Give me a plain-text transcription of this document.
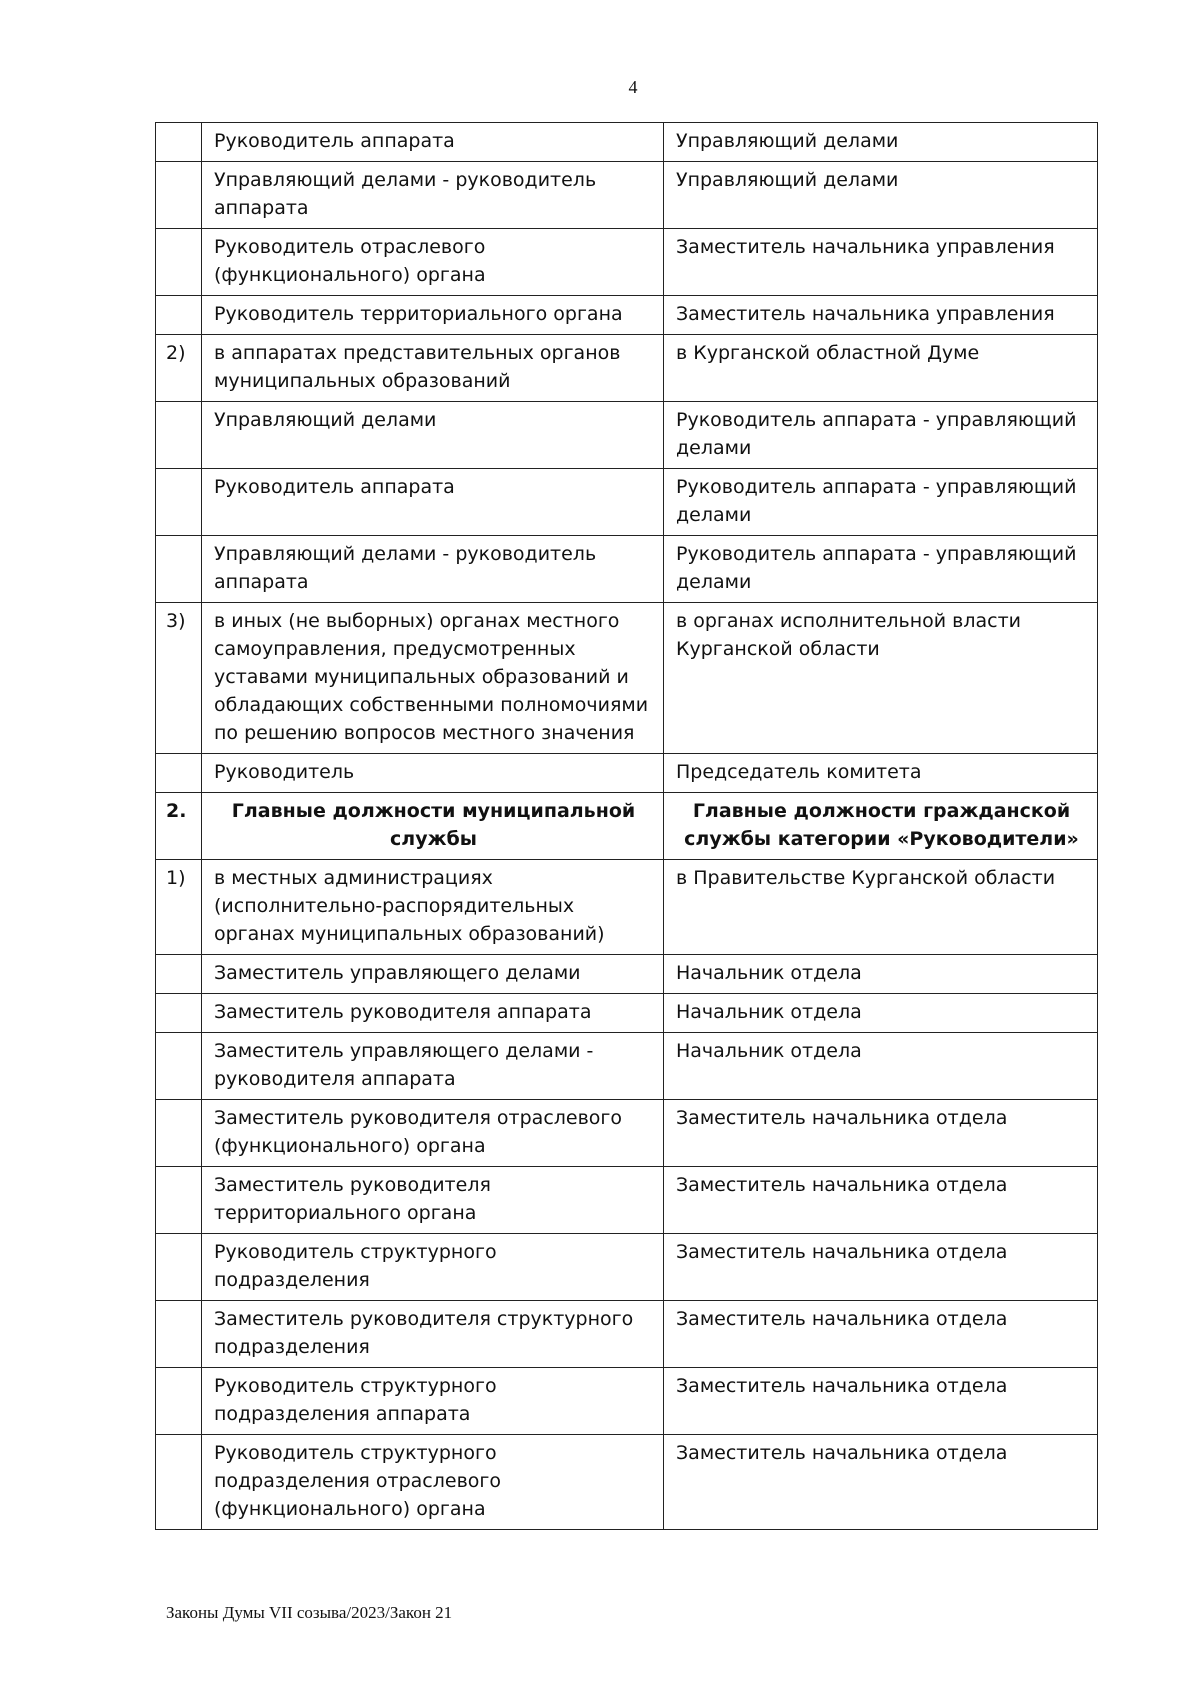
4
	Руководитель аппарата	Управляющий делами
	Управляющий делами - руководитель аппарата	Управляющий делами
	Руководитель отраслевого (функционального) органа	Заместитель начальника управления
	Руководитель территориального органа	Заместитель начальника управления
2)	в аппаратах представительных органов муниципальных образований	в Курганской областной Думе
	Управляющий делами	Руководитель аппарата - управляющий делами
	Руководитель аппарата	Руководитель аппарата - управляющий делами
	Управляющий делами - руководитель аппарата	Руководитель аппарата - управляющий делами
3)	в иных (не выборных) органах местного самоуправления, предусмотренных уставами муниципальных образований и обладающих собственными полномочиями по решению вопросов местного значения	в органах исполнительной власти Курганской области
	Руководитель	Председатель комитета
2.	Главные должности муниципальной службы	Главные должности гражданской службы категории «Руководители»
1)	в местных администрациях (исполнительно-распорядительных органах муниципальных образований)	в Правительстве Курганской области
	Заместитель управляющего делами	Начальник отдела
	Заместитель руководителя аппарата	Начальник отдела
	Заместитель управляющего делами - руководителя аппарата	Начальник отдела
	Заместитель руководителя отраслевого (функционального) органа	Заместитель начальника отдела
	Заместитель руководителя территориального органа	Заместитель начальника отдела
	Руководитель структурного подразделения	Заместитель начальника отдела
	Заместитель руководителя структурного подразделения	Заместитель начальника отдела
	Руководитель структурного подразделения аппарата	Заместитель начальника отдела
	Руководитель структурного подразделения отраслевого (функционального) органа	Заместитель начальника отдела
Законы Думы VII созыва/2023/Закон 21
